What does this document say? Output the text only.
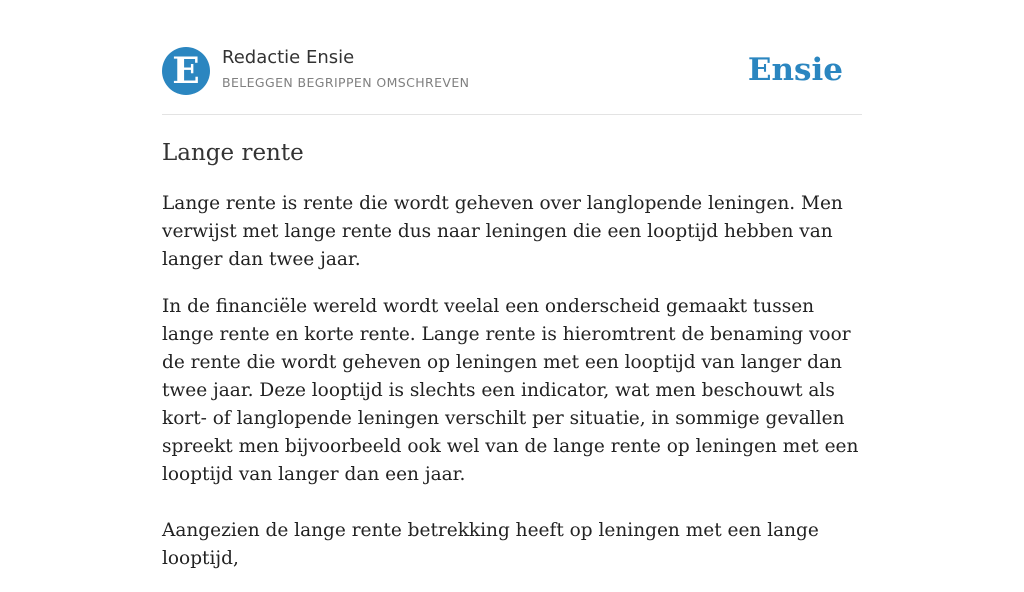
E	Redactie Ensie
BELEGGEN BEGRIPPEN OMSCHREVEN	Ensie
Lange rente

Lange rente is rente die wordt geheven over langlopende leningen. Men verwijst met lange rente dus naar leningen die een looptijd hebben van langer dan twee jaar.

In de financiële wereld wordt veelal een onderscheid gemaakt tussen lange rente en korte rente. Lange rente is hieromtrent de benaming voor de rente die wordt geheven op leningen met een looptijd van langer dan twee jaar. Deze looptijd is slechts een indicator, wat men beschouwt als kort- of langlopende leningen verschilt per situatie, in sommige gevallen spreekt men bijvoorbeeld ook wel van de lange rente op leningen met een looptijd van langer dan een jaar.

Aangezien de lange rente betrekking heeft op leningen met een lange looptijd,
